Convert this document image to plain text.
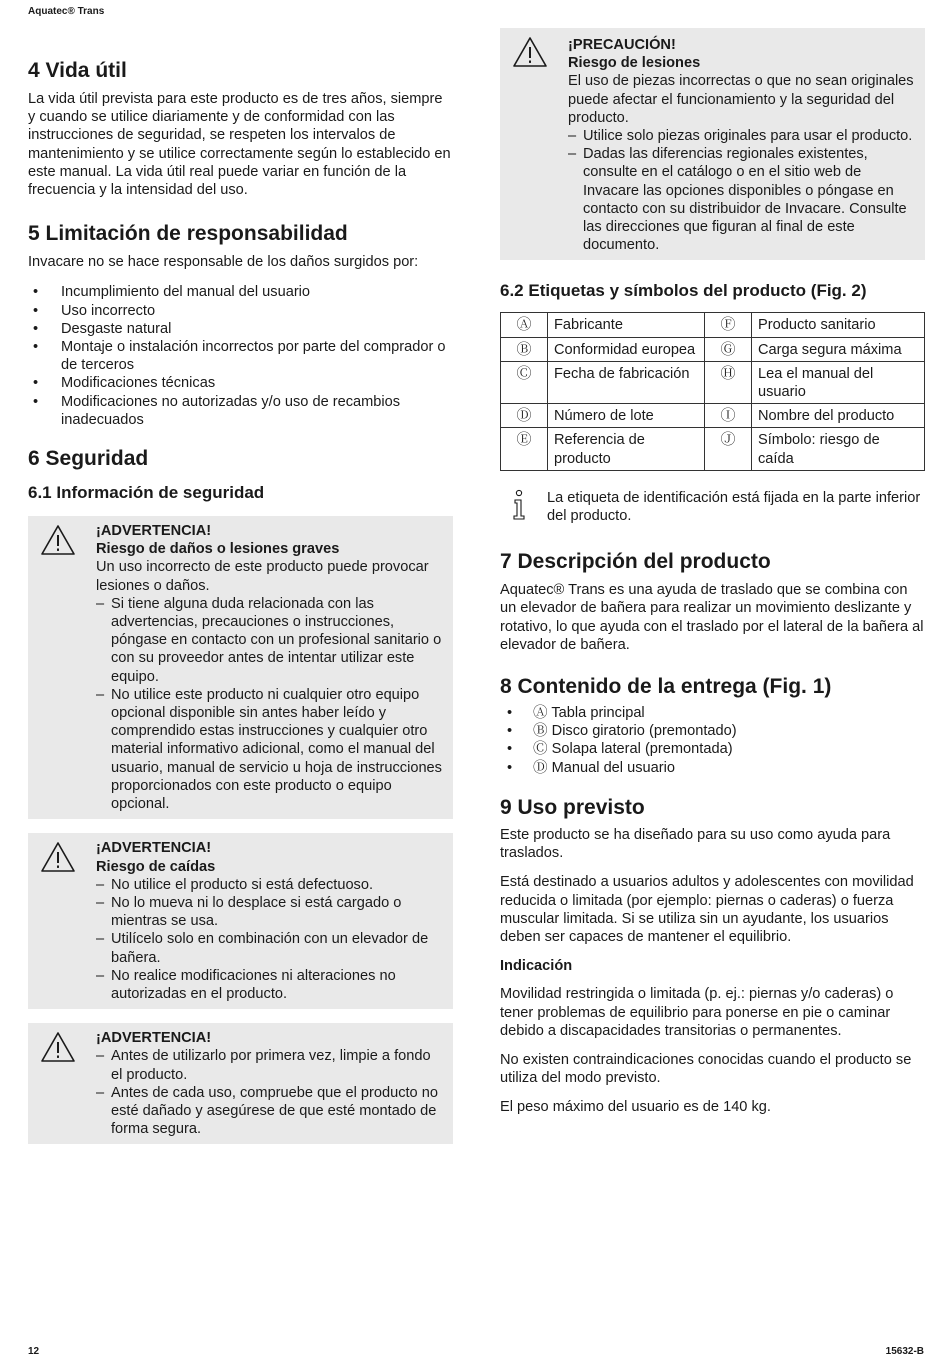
Aquatec® Trans
4 Vida útil

La vida útil prevista para este producto es de tres años, siempre y cuando se utilice diariamente y de conformidad con las instrucciones de seguridad, se respeten los intervalos de mantenimiento y se utilice correctamente según lo establecido en este manual. La vida útil real puede variar en función de la frecuencia y la intensidad del uso.

5 Limitación de responsabilidad

Invacare no se hace responsable de los daños surgidos por:

• Incumplimiento del manual del usuario
• Uso incorrecto
• Desgaste natural
• Montaje o instalación incorrectos por parte del comprador o de terceros
• Modificaciones técnicas
• Modificaciones no autorizadas y/o uso de recambios inadecuados
6 Seguridad
6.1 Información de seguridad
¡ADVERTENCIA!
Riesgo de daños o lesiones graves
Un uso incorrecto de este producto puede provocar lesiones o daños.
– Si tiene alguna duda relacionada con las advertencias, precauciones o instrucciones, póngase en contacto con un profesional sanitario o con su proveedor antes de intentar utilizar este equipo.
– No utilice este producto ni cualquier otro equipo opcional disponible sin antes haber leído y comprendido estas instrucciones y cualquier otro material informativo adicional, como el manual del usuario, manual de servicio u hoja de instrucciones proporcionados con este producto o equipo opcional.
¡ADVERTENCIA!
Riesgo de caídas
– No utilice el producto si está defectuoso.
– No lo mueva ni lo desplace si está cargado o mientras se usa.
– Utilícelo solo en combinación con un elevador de bañera.
– No realice modificaciones ni alteraciones no autorizadas en el producto.
¡ADVERTENCIA!
– Antes de utilizarlo por primera vez, limpie a fondo el producto.
– Antes de cada uso, compruebe que el producto no esté dañado y asegúrese de que esté montado de forma segura.
¡PRECAUCIÓN!
Riesgo de lesiones
El uso de piezas incorrectas o que no sean originales puede afectar el funcionamiento y la seguridad del producto.
– Utilice solo piezas originales para usar el producto.
– Dadas las diferencias regionales existentes, consulte en el catálogo o en el sitio web de Invacare las opciones disponibles o póngase en contacto con su distribuidor de Invacare. Consulte las direcciones que figuran al final de este documento.
6.2 Etiquetas y símbolos del producto (Fig. 2)
Ⓐ	Fabricante	Ⓕ	Producto sanitario
Ⓑ	Conformidad europea	Ⓖ	Carga segura máxima
Ⓒ	Fecha de fabricación	Ⓗ	Lea el manual del usuario
Ⓓ	Número de lote	Ⓘ	Nombre del producto
Ⓔ	Referencia de producto	Ⓙ	Símbolo: riesgo de caída

La etiqueta de identificación está fijada en la parte inferior del producto.

7 Descripción del producto

Aquatec® Trans es una ayuda de traslado que se combina con un elevador de bañera para realizar un movimiento deslizante y rotativo, lo que ayuda con el traslado por el lateral de la bañera al elevador de bañera.

8 Contenido de la entrega (Fig. 1)
• Ⓐ Tabla principal
• Ⓑ Disco giratorio (premontado)
• Ⓒ Solapa lateral (premontada)
• Ⓓ Manual del usuario
9 Uso previsto

Este producto se ha diseñado para su uso como ayuda para traslados.

Está destinado a usuarios adultos y adolescentes con movilidad reducida o limitada (por ejemplo: piernas o caderas) o fuerza muscular limitada. Si se utiliza sin un ayudante, los usuarios deben ser capaces de mantener el equilibrio.

Indicación

Movilidad restringida o limitada (p. ej.: piernas y/o caderas) o tener problemas de equilibrio para ponerse en pie o caminar debido a discapacidades transitorias o permanentes.

No existen contraindicaciones conocidas cuando el producto se utiliza del modo previsto.

El peso máximo del usuario es de 140 kg.

12	15632-B
